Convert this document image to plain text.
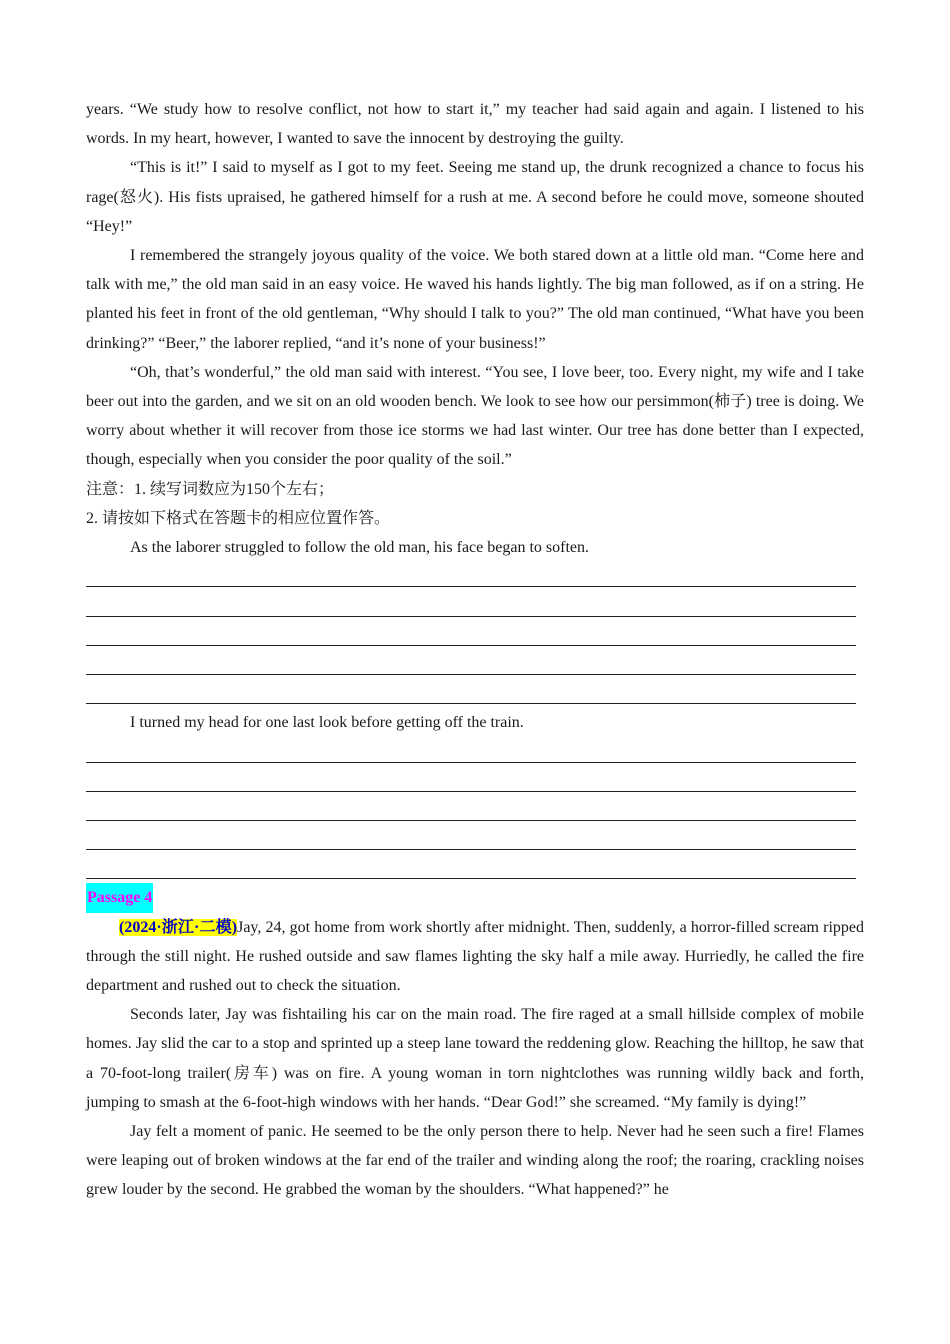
years. “We study how to resolve conflict, not how to start it,” my teacher had said again and again. I listened to his words. In my heart, however, I wanted to save the innocent by destroying the guilty.

“This is it!” I said to myself as I got to my feet. Seeing me stand up, the drunk recognized a chance to focus his rage(怒火). His fists upraised, he gathered himself for a rush at me. A second before he could move, someone shouted “Hey!”

I remembered the strangely joyous quality of the voice. We both stared down at a little old man. “Come here and talk with me,” the old man said in an easy voice. He waved his hands lightly. The big man followed, as if on a string. He planted his feet in front of the old gentleman, “Why should I talk to you?” The old man continued, “What have you been drinking?” “Beer,” the laborer replied, “and it’s none of your business!”

“Oh, that’s wonderful,” the old man said with interest. “You see, I love beer, too. Every night, my wife and I take beer out into the garden, and we sit on an old wooden bench. We look to see how our persimmon(柿子) tree is doing. We worry about whether it will recover from those ice storms we had last winter. Our tree has done better than I expected, though, especially when you consider the poor quality of the soil.”

注意：1. 续写词数应为150个左右；

2. 请按如下格式在答题卡的相应位置作答。

As the laborer struggled to follow the old man, his face began to soften.

I turned my head for one last look before getting off the train.

Passage 4

(2024·浙江·二模)Jay, 24, got home from work shortly after midnight. Then, suddenly, a horror-filled scream ripped through the still night. He rushed outside and saw flames lighting the sky half a mile away. Hurriedly, he called the fire department and rushed out to check the situation.

Seconds later, Jay was fishtailing his car on the main road. The fire raged at a small hillside complex of mobile homes. Jay slid the car to a stop and sprinted up a steep lane toward the reddening glow. Reaching the hilltop, he saw that a 70-foot-long trailer(房车) was on fire. A young woman in torn nightclothes was running wildly back and forth, jumping to smash at the 6-foot-high windows with her hands. “Dear God!” she screamed. “My family is dying!”

Jay felt a moment of panic. He seemed to be the only person there to help. Never had he seen such a fire! Flames were leaping out of broken windows at the far end of the trailer and winding along the roof; the roaring, crackling noises grew louder by the second. He grabbed the woman by the shoulders. “What happened?” he
